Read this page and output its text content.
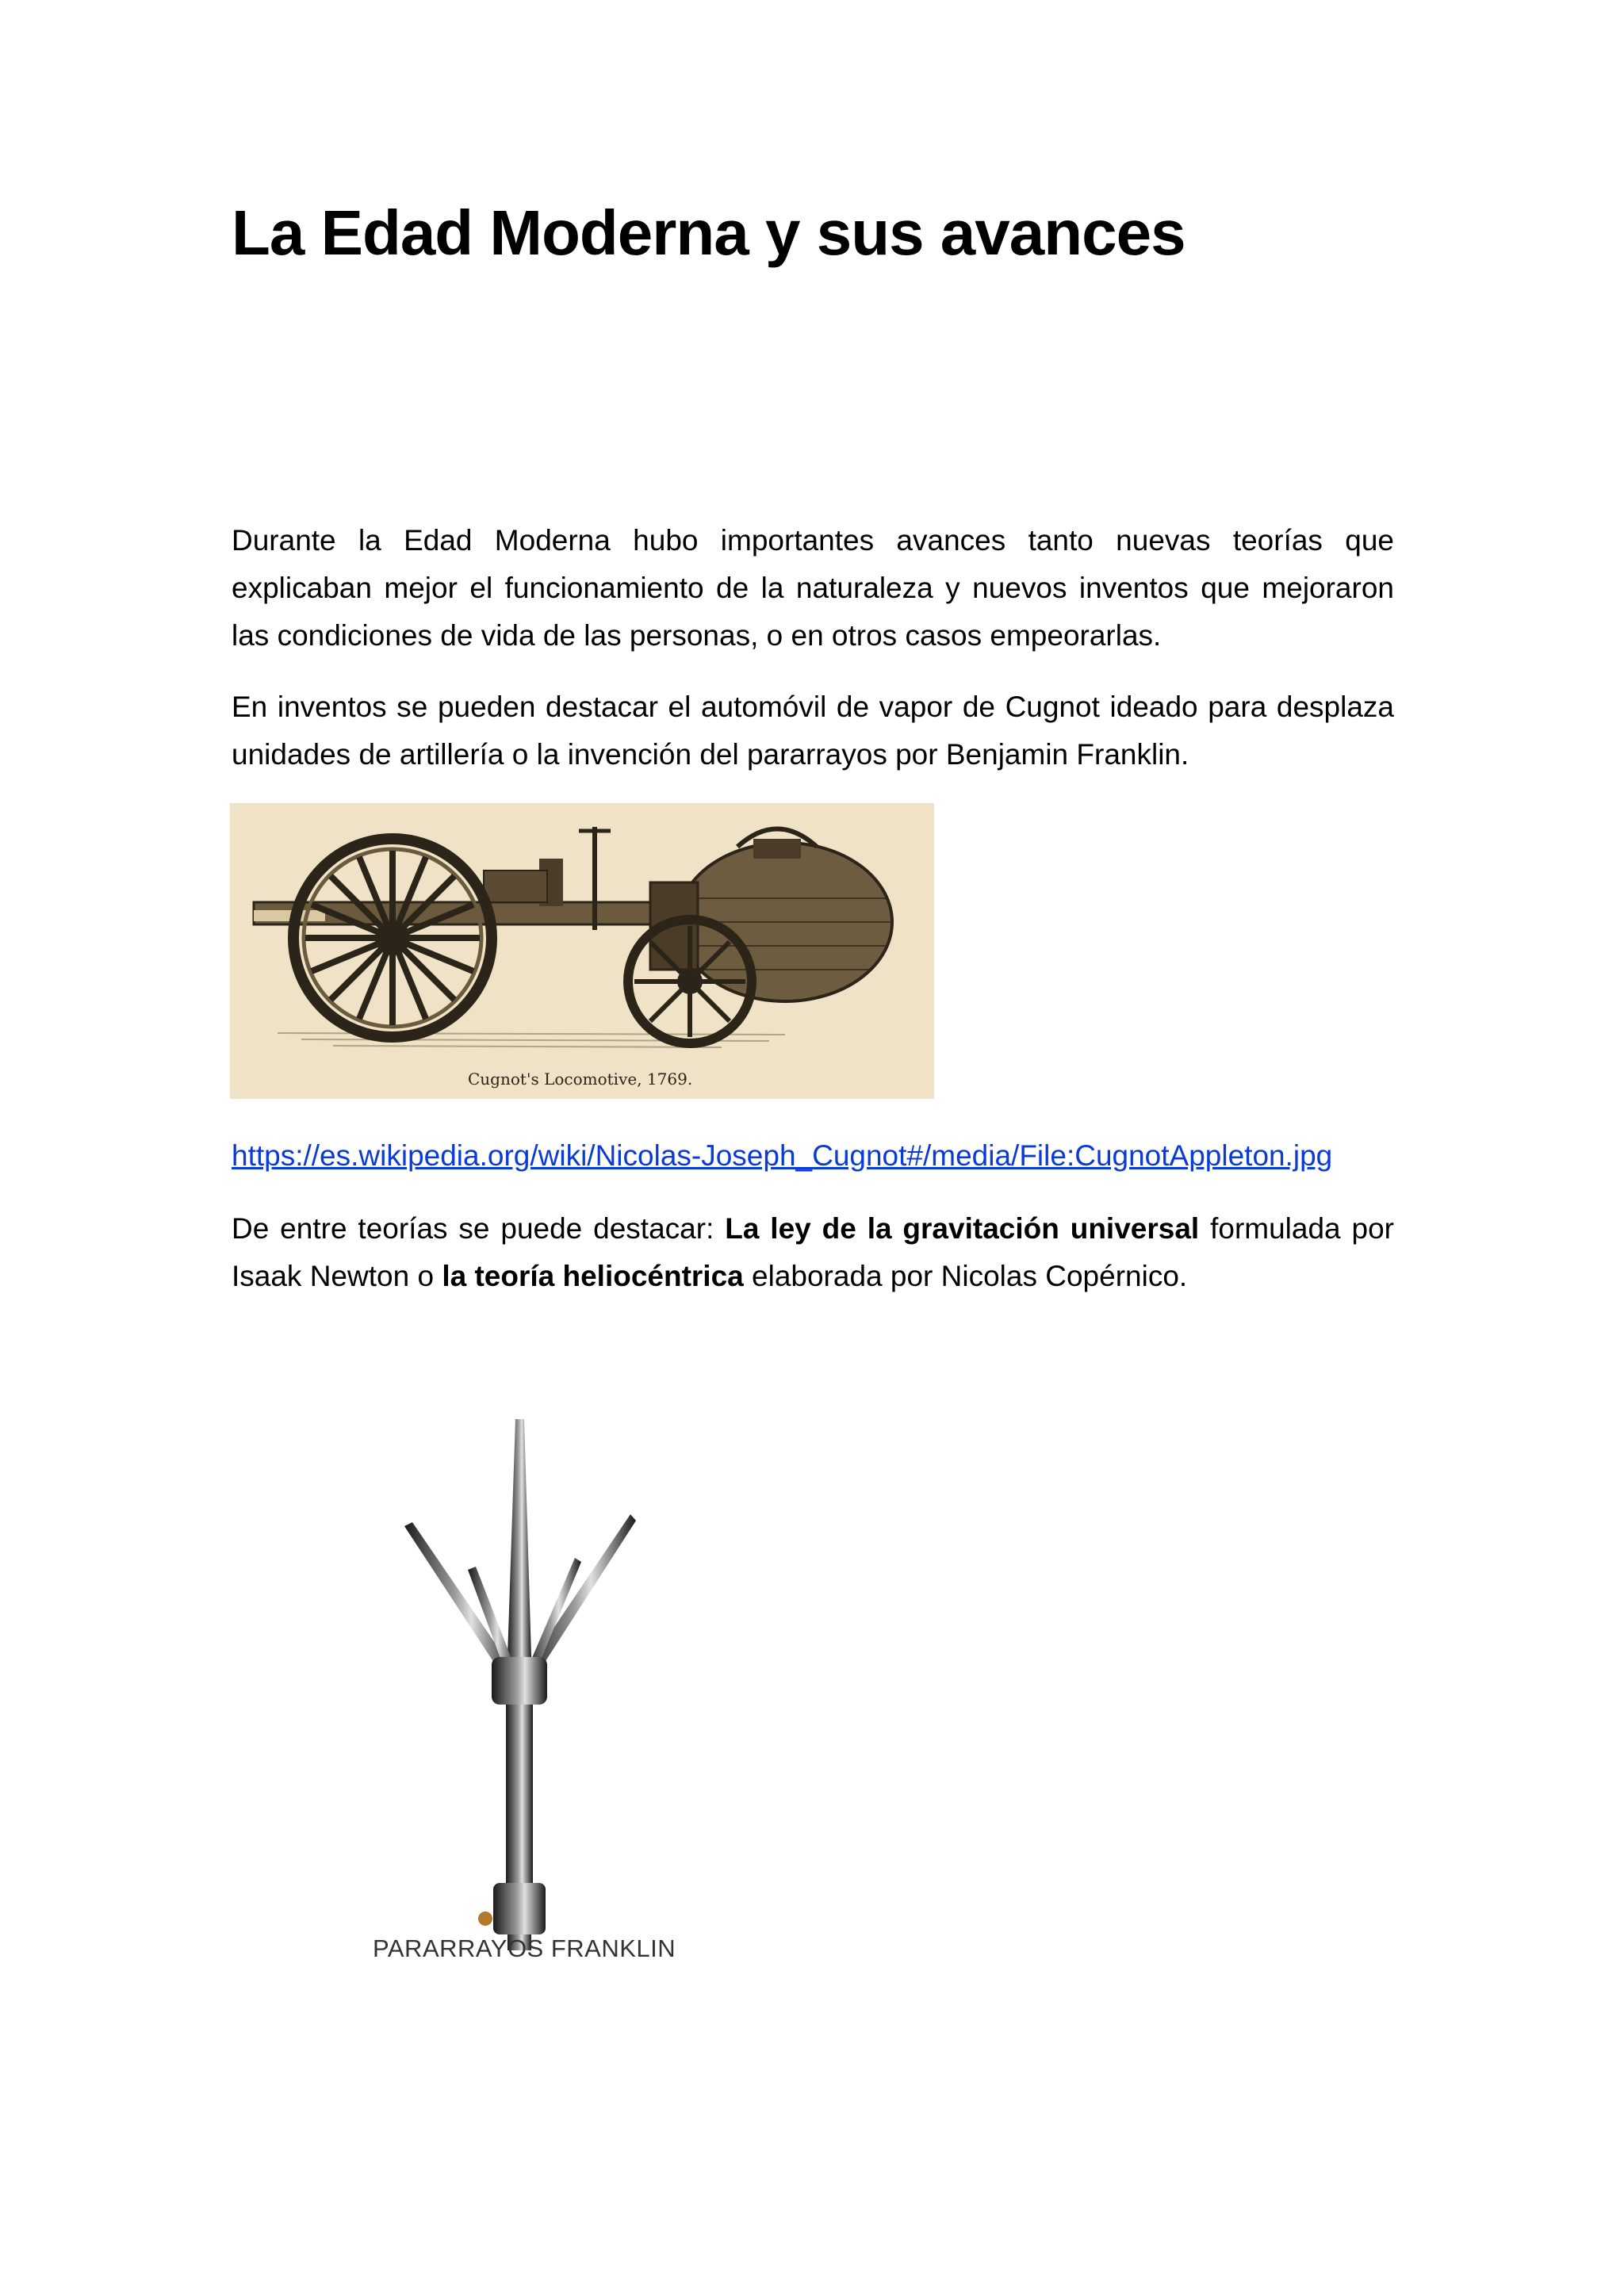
La Edad Moderna y sus avances

Durante la Edad Moderna hubo importantes avances tanto nuevas teorías que explicaban mejor el funcionamiento de la naturaleza y nuevos inventos que mejoraron las condiciones de vida de las personas, o en otros casos empeorarlas.

En inventos se pueden destacar el automóvil de vapor de Cugnot ideado para desplaza unidades de artillería o la invención del pararrayos por Benjamin Franklin.

Cugnot's Locomotive, 1769.
https://es.wikipedia.org/wiki/Nicolas-Joseph_Cugnot#/media/File:CugnotAppleton.jpg

De entre teorías se puede destacar: La ley de la gravitación universal formulada por Isaak Newton o la teoría heliocéntrica elaborada por Nicolas Copérnico.

PARARRAYOS FRANKLIN
